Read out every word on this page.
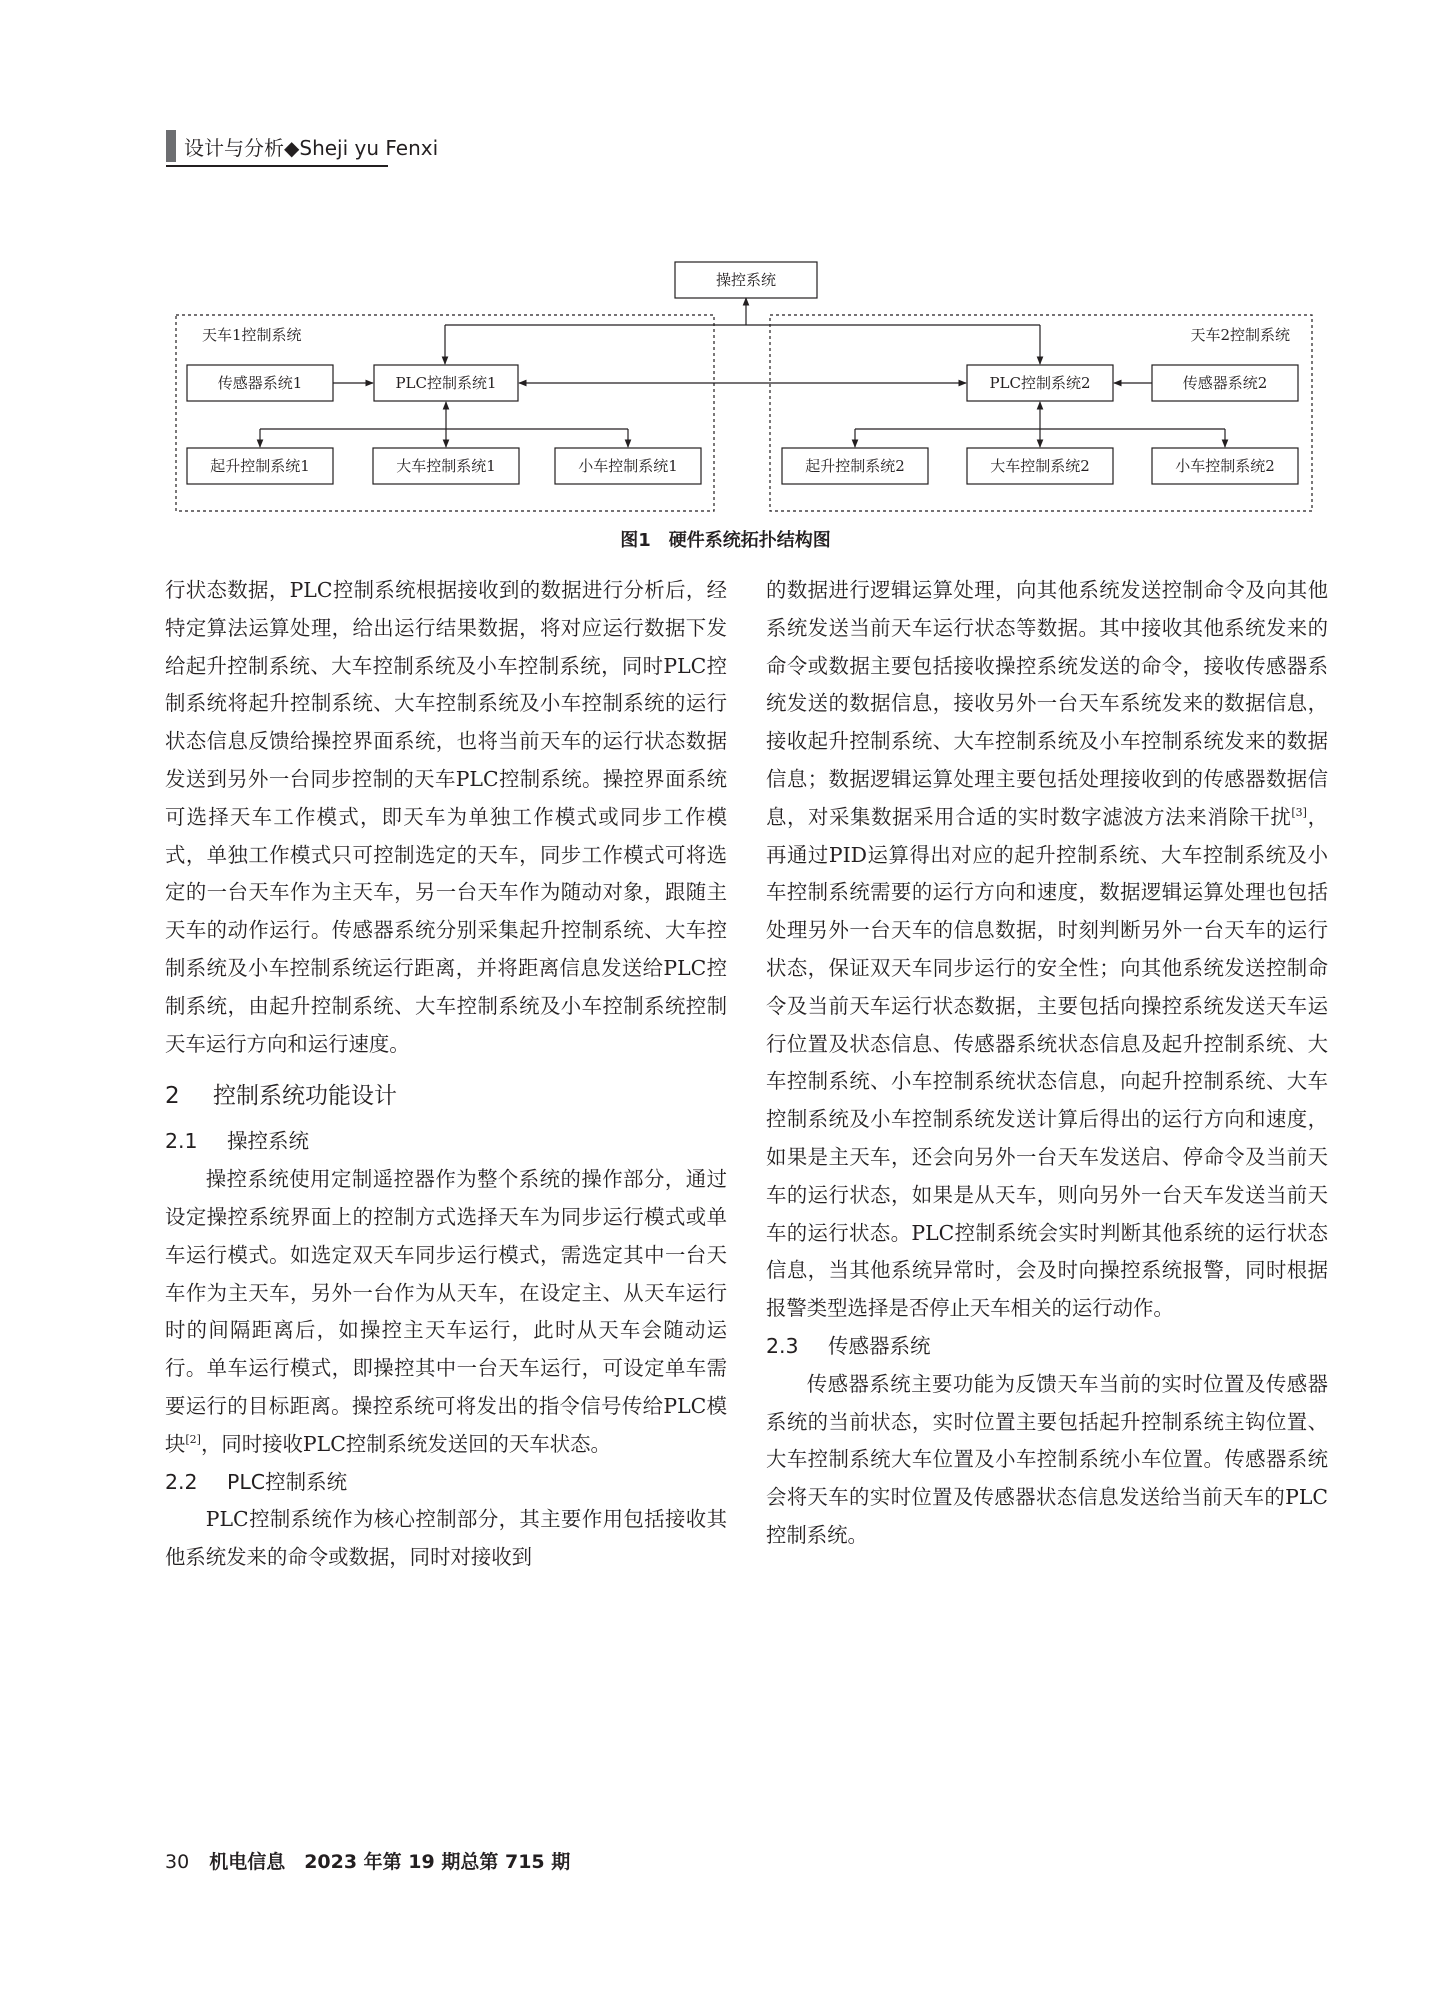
设计与分析◆Sheji yu Fenxi
天车1控制系统	天车2控制系统
操控系统
传感器系统1	PLC控制系统1	PLC控制系统2	传感器系统2
起升控制系统1	大车控制系统1	小车控制系统1	起升控制系统2	大车控制系统2	小车控制系统2
图1　硬件系统拓扑结构图

行状态数据，PLC控制系统根据接收到的数据进行分析后，经特定算法运算处理，给出运行结果数据，将对应运行数据下发给起升控制系统、大车控制系统及小车控制系统，同时PLC控制系统将起升控制系统、大车控制系统及小车控制系统的运行状态信息反馈给操控界面系统，也将当前天车的运行状态数据发送到另外一台同步控制的天车PLC控制系统。操控界面系统可选择天车工作模式，即天车为单独工作模式或同步工作模式，单独工作模式只可控制选定的天车，同步工作模式可将选定的一台天车作为主天车，另一台天车作为随动对象，跟随主天车的动作运行。传感器系统分别采集起升控制系统、大车控制系统及小车控制系统运行距离，并将距离信息发送给PLC控制系统，由起升控制系统、大车控制系统及小车控制系统控制天车运行方向和运行速度。

2 控制系统功能设计
2.1 操控系统

操控系统使用定制遥控器作为整个系统的操作部分，通过设定操控系统界面上的控制方式选择天车为同步运行模式或单车运行模式。如选定双天车同步运行模式，需选定其中一台天车作为主天车，另外一台作为从天车，在设定主、从天车运行时的间隔距离后，如操控主天车运行，此时从天车会随动运行。单车运行模式，即操控其中一台天车运行，可设定单车需要运行的目标距离。操控系统可将发出的指令信号传给PLC模块[2]，同时接收PLC控制系统发送回的天车状态。

2.2 PLC控制系统

PLC控制系统作为核心控制部分，其主要作用包括接收其他系统发来的命令或数据，同时对接收到

的数据进行逻辑运算处理，向其他系统发送控制命令及向其他系统发送当前天车运行状态等数据。其中接收其他系统发来的命令或数据主要包括接收操控系统发送的命令，接收传感器系统发送的数据信息，接收另外一台天车系统发来的数据信息，接收起升控制系统、大车控制系统及小车控制系统发来的数据信息；数据逻辑运算处理主要包括处理接收到的传感器数据信息，对采集数据采用合适的实时数字滤波方法来消除干扰[3]，再通过PID运算得出对应的起升控制系统、大车控制系统及小车控制系统需要的运行方向和速度，数据逻辑运算处理也包括处理另外一台天车的信息数据，时刻判断另外一台天车的运行状态，保证双天车同步运行的安全性；向其他系统发送控制命令及当前天车运行状态数据，主要包括向操控系统发送天车运行位置及状态信息、传感器系统状态信息及起升控制系统、大车控制系统、小车控制系统状态信息，向起升控制系统、大车控制系统及小车控制系统发送计算后得出的运行方向和速度，如果是主天车，还会向另外一台天车发送启、停命令及当前天车的运行状态，如果是从天车，则向另外一台天车发送当前天车的运行状态。PLC控制系统会实时判断其他系统的运行状态信息，当其他系统异常时，会及时向操控系统报警，同时根据报警类型选择是否停止天车相关的运行动作。

2.3 传感器系统

传感器系统主要功能为反馈天车当前的实时位置及传感器系统的当前状态，实时位置主要包括起升控制系统主钩位置、大车控制系统大车位置及小车控制系统小车位置。传感器系统会将天车的实时位置及传感器状态信息发送给当前天车的PLC控制系统。

30 机电信息　2023 年第 19 期总第 715 期
